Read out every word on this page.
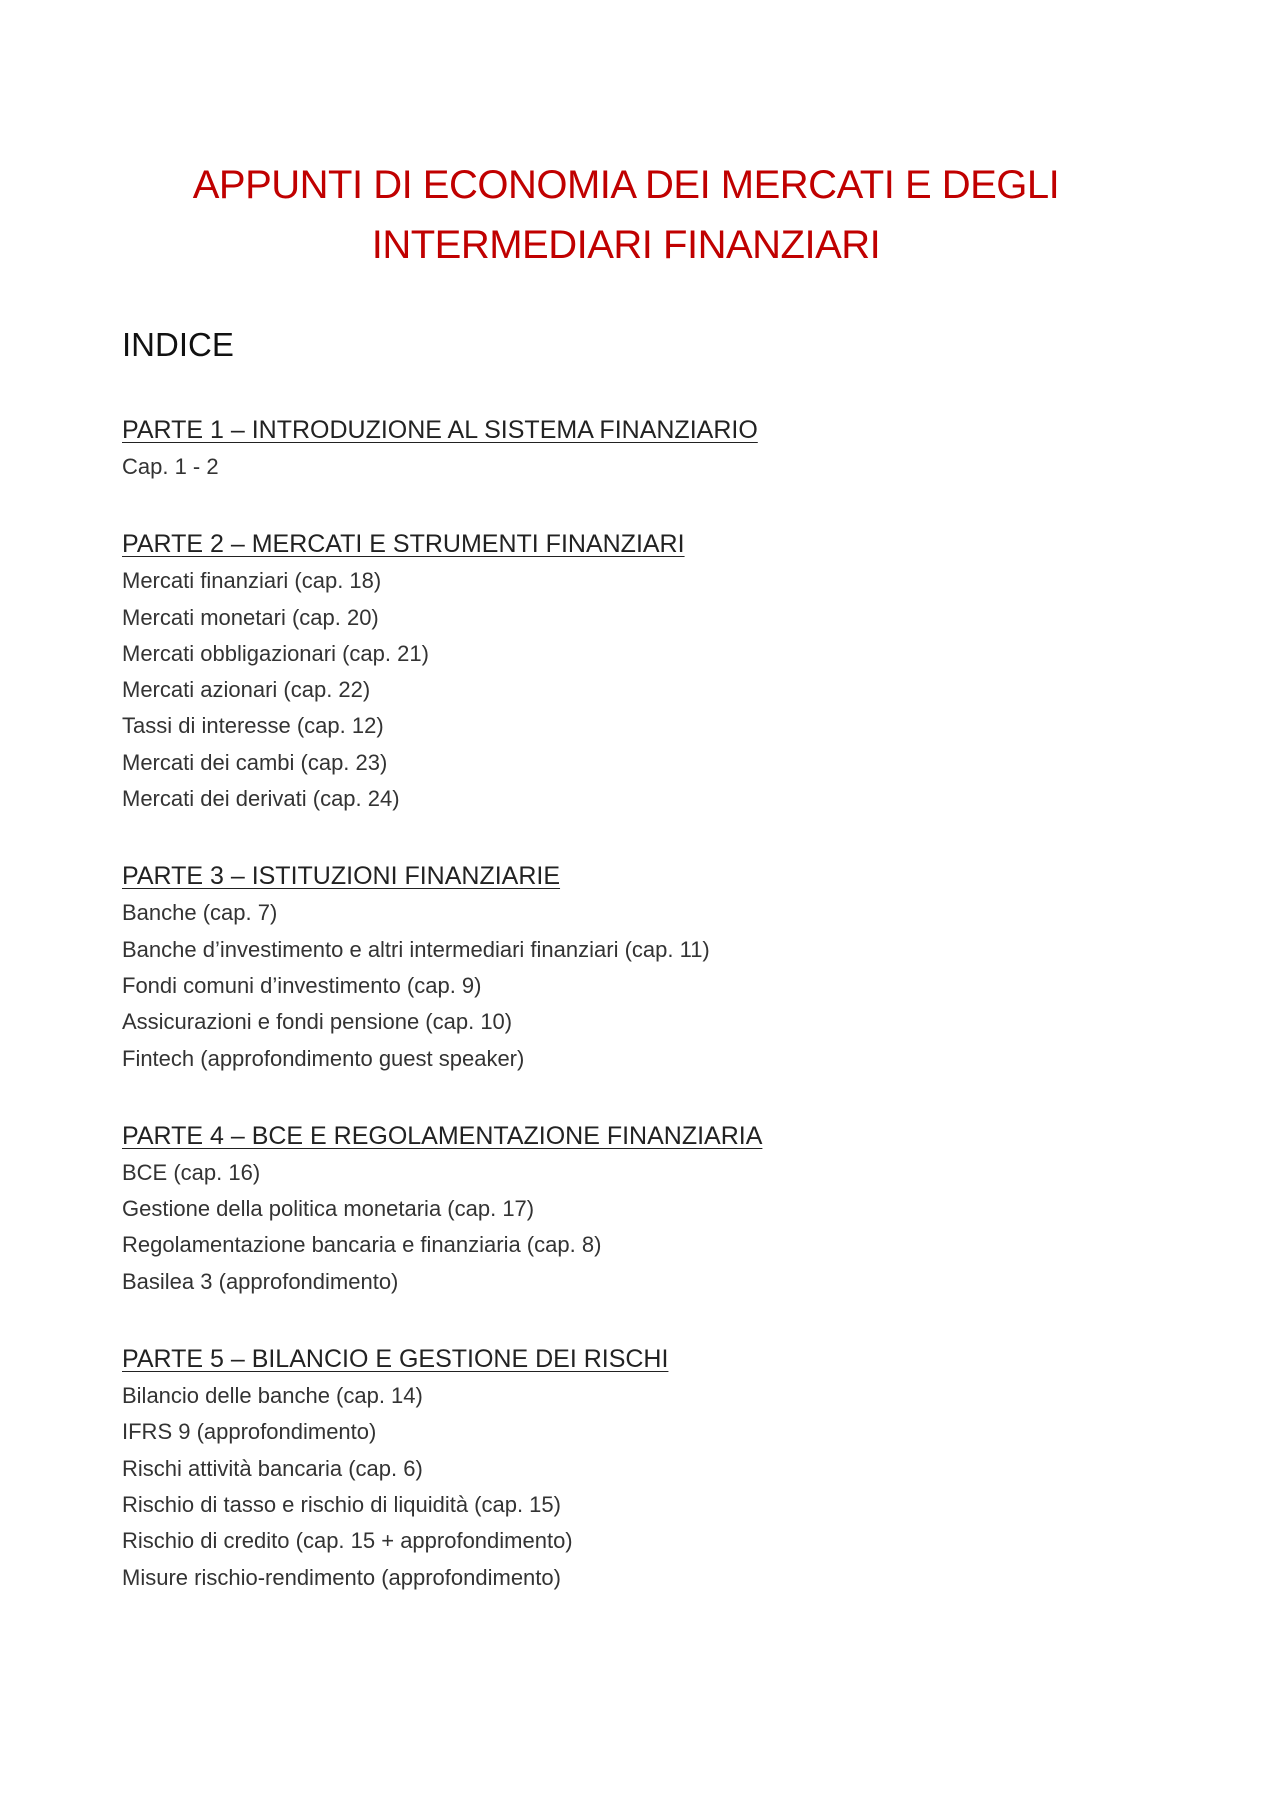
APPUNTI DI ECONOMIA DEI MERCATI E DEGLI
INTERMEDIARI FINANZIARI
INDICE
PARTE 1 – INTRODUZIONE AL SISTEMA FINANZIARIO
Cap. 1 - 2
PARTE 2 – MERCATI E STRUMENTI FINANZIARI
Mercati finanziari (cap. 18)
Mercati monetari (cap. 20)
Mercati obbligazionari (cap. 21)
Mercati azionari (cap. 22)
Tassi di interesse (cap. 12)
Mercati dei cambi (cap. 23)
Mercati dei derivati (cap. 24)
PARTE 3 – ISTITUZIONI FINANZIARIE
Banche (cap. 7)
Banche d’investimento e altri intermediari finanziari (cap. 11)
Fondi comuni d’investimento (cap. 9)
Assicurazioni e fondi pensione (cap. 10)
Fintech (approfondimento guest speaker)
PARTE 4 – BCE E REGOLAMENTAZIONE FINANZIARIA
BCE (cap. 16)
Gestione della politica monetaria (cap. 17)
Regolamentazione bancaria e finanziaria (cap. 8)
Basilea 3 (approfondimento)
PARTE 5 – BILANCIO E GESTIONE DEI RISCHI
Bilancio delle banche (cap. 14)
IFRS 9 (approfondimento)
Rischi attività bancaria (cap. 6)
Rischio di tasso e rischio di liquidità (cap. 15)
Rischio di credito (cap. 15 + approfondimento)
Misure rischio-rendimento (approfondimento)
